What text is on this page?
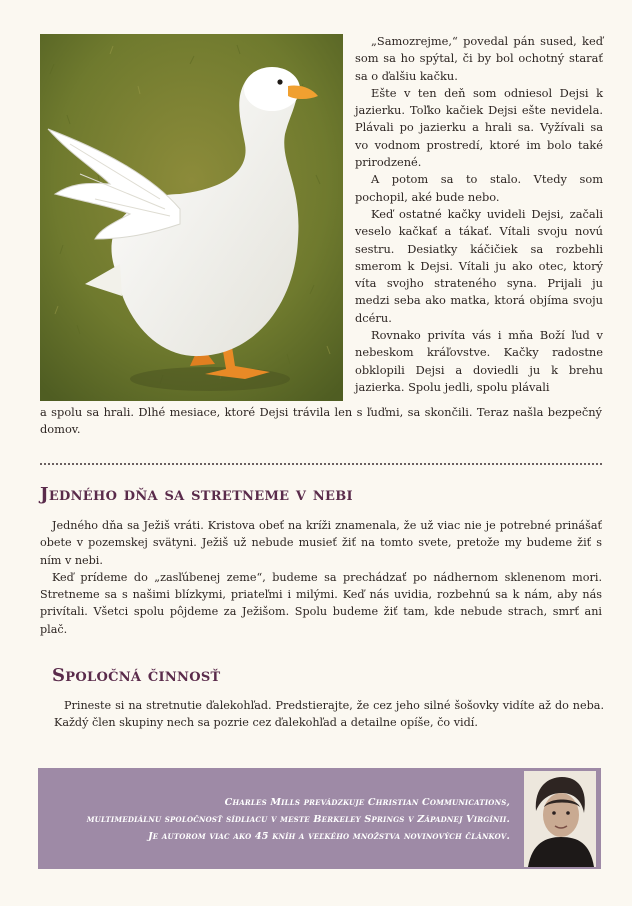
„Samozrejme,“ povedal pán sused, keď som sa ho spýtal, či by bol ochotný starať sa o ďalšiu kačku.

Ešte v ten deň som odniesol Dejsi k jazierku. Toľko kačiek Dejsi ešte nevidela. Plávali po jazierku a hrali sa. Vyžívali sa vo vodnom prostredí, ktoré im bolo také prirodzené.

A potom sa to stalo. Vtedy som pochopil, aké bude nebo.

Keď ostatné kačky uvideli Dejsi, začali veselo kačkať a tákať. Vítali svoju novú sestru. Desiatky káčičiek sa rozbehli smerom k Dejsi. Vítali ju ako otec, ktorý víta svojho strateného syna. Prijali ju medzi seba ako matka, ktorá objíma svoju dcéru.

Rovnako privíta vás i mňa Boží ľud v nebeskom kráľovstve. Kačky radostne obklopili Dejsi a doviedli ju k brehu jazierka. Spolu jedli, spolu plávali

a spolu sa hrali. Dlhé mesiace, ktoré Dejsi trávila len s ľuďmi, sa skončili. Teraz našla bezpečný domov.

Jedného dňa sa stretneme v nebi

Jedného dňa sa Ježiš vráti. Kristova obeť na kríži znamenala, že už viac nie je potrebné prinášať obete v pozemskej svätyni. Ježiš už nebude musieť žiť na tomto svete, pretože my budeme žiť s ním v nebi.

Keď prídeme do „zasľúbenej zeme“, budeme sa prechádzať po nádhernom sklenenom mori. Stretneme sa s našimi blízkymi, priateľmi i milými. Keď nás uvidia, rozbehnú sa k nám, aby nás privítali. Všetci spolu pôjdeme za Ježišom. Spolu budeme žiť tam, kde nebude strach, smrť ani plač.

Spoločná činnosť
Prineste si na stretnutie ďalekohľad. Predstierajte, že cez jeho silné šošovky vidíte až do neba. Každý člen skupiny nech sa pozrie cez ďalekohľad a detailne opíše, čo vidí.
Charles Mills prevádzkuje Christian Communications,
multimediálnu spoločnosť sídliacu v meste Berkeley Springs v Západnej Virgínii.
Je autorom viac ako 45 kníh a veľkého množstva novinových článkov.
